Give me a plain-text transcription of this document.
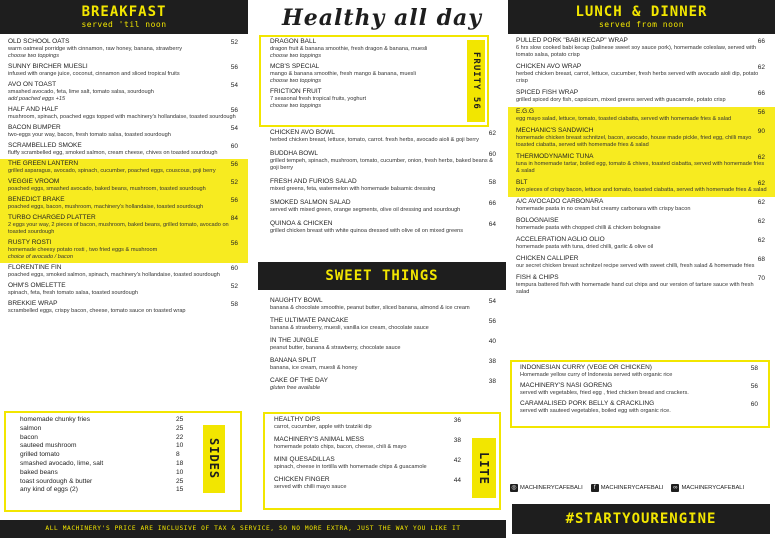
BREAKFAST
served 'til noon
OLD SCHOOL OATS
warm oatmeal porridge with cinnamon, raw honey, banana, strawberry
choose two toppings
52
SUNNY BIRCHER MUESLI
infused with orange juice, coconut, cinnamon and sliced tropical fruits
56
AVO ON TOAST
smashed avocado, feta, lime salt, tomato salsa, sourdough
add poached eggs +15
54
HALF AND HALF
mushroom, spinach, poached eggs topped with machinery's hollandaise, toasted sourdough
56
BACON BUMPER
two-eggs your way, bacon, fresh tomato salsa, toasted sourdough
54
SCRAMBELLED SMOKE
fluffy scrambelled egg, smoked salmon, cream cheese, chives on toasted sourdough
60
THE GREEN LANTERN
grilled asparagus, avocado, spinach, cucumber, poached eggs, couscous, goji berry
56
VEGGIE VROOM
poached eggs, smashed avocado, baked beans, mushroom, toasted sourdough
52
BENEDICT BRAKE
poached eggs, bacon, mushroom, machinery's hollandaise, toasted sourdough
56
TURBO CHARGED PLATTER
2 eggs your way, 2 pieces of bacon, mushroom, baked beans, grilled tomato, avocado on toasted sourdough
84
RUSTY ROSTI
homemade cheesy potato rosti , two fried eggs & mushroom
choice of avocado / bacon
56
FLORENTINE FIN
poached eggs, smoked salmon, spinach, machinery's hollandaise, toasted sourdough
60
OHM'S OMELETTE
spinach, feta, fresh tomato salsa, toasted sourdough
52
BREKKIE WRAP
scrambelled eggs, crispy bacon, cheese, tomato sauce on toasted wrap
58
homemade chunky fries	25
salmon	25
bacon	22
sauteed mushroom	10
grilled tomato	8
smashed avocado, lime, salt	18
baked beans	10
toast sourdough & butter	25
any kind of eggs (2)	15
SIDES
Healthy all day
FRUITY 56
DRAGON BALL
dragon fruit & banana smoothie, fresh dragon & banana, muesli
choose two toppings
MCB'S SPECIAL
mango & banana smoothie, fresh mango & banana, muesli
choose two toppings
FRICTION FRUIT
7 seasonal fresh tropical fruits, yoghurt
choose two toppings
CHICKEN AVO BOWL
herbed chicken breast, lettuce, tomato, carrot. fresh herbs, avocado aioli & goji berry
62
BUDDHA BOWL
grilled tempeh, spinach, mushroom, tomato, cucumber, onion, fresh herbs, baked beans & goji berry
60
FRESH AND FURIOS SALAD
mixed greens, feta, watermelon with homemade balsamic dressing
58
SMOKED SALMON SALAD
served with mixed green, orange segments, olive oil dressing and sourdough
66
QUINOA & CHICKEN
grilled chicken breast with white quinoa dressed with olive oil on mixed greens
64
SWEET THINGS
NAUGHTY BOWL
banana & chocolate smoothie, peanut butter, sliced banana, almond & ice cream
54
THE ULTIMATE PANCAKE
banana & strawberry, muesli, vanilla ice cream, chocolate sauce
56
IN THE JUNGLE
peanut butter, banana & strawberry, chocolate sauce
40
BANANA SPLIT
banana, ice cream, muesli & honey
38
CAKE OF THE DAY
gluten free available
38
LITE
HEALTHY DIPS
carrot, cucumber, apple with tzatziki dip
36
MACHINERY'S ANIMAL MESS
homemade potato chips, bacon, cheese, chili & mayo
38
MINI QUESADILLAS
spinach, cheese in tortilla with homemade chips & guacamole
42
CHICKEN FINGER
served with chilli mayo sauce
44
LUNCH & DINNER
served from noon
PULLED PORK "BABI KECAP" WRAP
6 hrs slow cooked babi kecap (balinese sweet soy sauce pork), homemade coleslaw, served with tomato salsa, potato crisp
66
CHICKEN AVO WRAP
herbed chicken breast, carrot, lettuce, cucumber, fresh herbs served with avocado aioli dip, potato crisp
62
SPICED FISH WRAP
grilled spiced dory fish, capsicum, mixed greens served with guacamole, potato crisp
66
E.G.G
egg mayo salad, lettuce, tomato, toasted ciabatta, served with homemade fries & salad
56
MECHANIC'S SANDWICH
homemade chicken breast schnitzel, bacon, avocado, house made pickle, fried egg, chilli mayo toasted ciabatta, served with homemade fries & salad
90
THERMODYNAMIC TUNA
tuna in homemade tartar, boiled egg, tomato & chives, toasted ciabatta, served with homemade fries & salad
62
BLT
two pieces of crispy bacon, lettuce and tomato, toasted ciabatta, served with homemade fries & salad
62
A/C AVOCADO CARBONARA
homemade pasta in no cream but creamy carbonara with crispy bacon
62
BOLOGNAISE
homemade pasta with chopped chilli & chicken bolognaise
62
ACCELERATION AGLIO OLIO
homemade pasta with tuna, dried chilli, garlic & olive oil
62
CHICKEN CALLIPER
our secret chicken breast schnitzel recipe served with sweet chilli, fresh salad & homemade fries
68
FISH & CHIPS
tempura battered fish with homemade hand cut chips and our version of tartare sauce with fresh salad
70
INDONESIAN CURRY (VEGE OR CHICKEN)
Homemade yellow curry of Indonesia served with organic rice
58
MACHINERY'S NASI GORENG
served with vegetables, fried egg , fried chicken bread and crackers.
56
CARAMALISED PORK BELLY & CRACKLING
served with sauteed vegetables, boiled egg with organic rice.
60
◎ MACHINERYCAFEBALI	f MACHINERYCAFEBALI	∞ MACHINERYCAFEBALI
#STARTYOURENGINE
ALL MACHINERY'S PRICE ARE INCLUSIVE OF TAX & SERVICE, SO NO MORE EXTRA, JUST THE WAY YOU LIKE IT
